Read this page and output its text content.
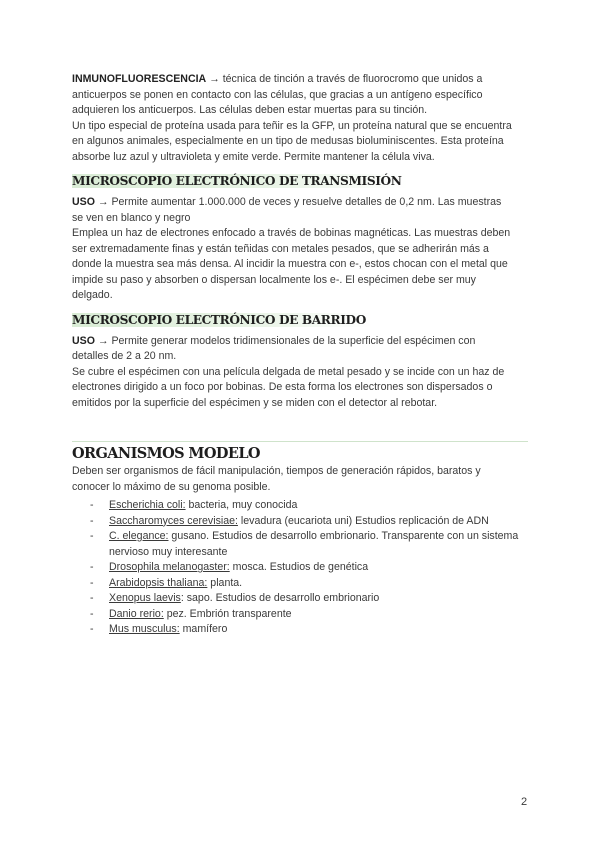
INMUNOFLUORESCENCIA → técnica de tinción a través de fluorocromo que unidos a

anticuerpos se ponen en contacto con las células, que gracias a un antígeno específico

adquieren los anticuerpos. Las células deben estar muertas para su tinción.

Un tipo especial de proteína usada para teñir es la GFP, un proteína natural que se encuentra

en algunos animales, especialmente en un tipo de medusas bioluminiscentes. Esta proteína

absorbe luz azul y ultravioleta y emite verde. Permite mantener la célula viva.

MICROSCOPIO ELECTRÓNICO DE TRANSMISIÓN

USO → Permite aumentar 1.000.000 de veces y resuelve detalles de 0,2 nm. Las muestras

se ven en blanco y negro

Emplea un haz de electrones enfocado a través de bobinas magnéticas. Las muestras deben

ser extremadamente finas y están teñidas con metales pesados, que se adherirán más a

donde la muestra sea más densa. Al incidir la muestra con e-, estos chocan con el metal que

impide su paso y absorben o dispersan localmente los e-. El espécimen debe ser muy

delgado.

MICROSCOPIO ELECTRÓNICO DE BARRIDO

USO → Permite generar modelos tridimensionales de la superficie del espécimen con

detalles de 2 a 20 nm.

Se cubre el espécimen con una película delgada de metal pesado y se incide con un haz de

electrones dirigido a un foco por bobinas. De esta forma los electrones son dispersados o

emitidos por la superficie del espécimen y se miden con el detector al rebotar.

ORGANISMOS MODELO

Deben ser organismos de fácil manipulación, tiempos de generación rápidos, baratos y

conocer lo máximo de su genoma posible.

- Escherichia coli: bacteria, muy conocida
- Saccharomyces cerevisiae: levadura (eucariota uni) Estudios replicación de ADN
- C. elegance: gusano. Estudios de desarrollo embrionario. Transparente con un sistema
nervioso muy interesante
- Drosophila melanogaster: mosca. Estudios de genética
- Arabidopsis thaliana: planta.
- Xenopus laevis: sapo. Estudios de desarrollo embrionario
- Danio rerio: pez. Embrión transparente
- Mus musculus: mamífero
2
